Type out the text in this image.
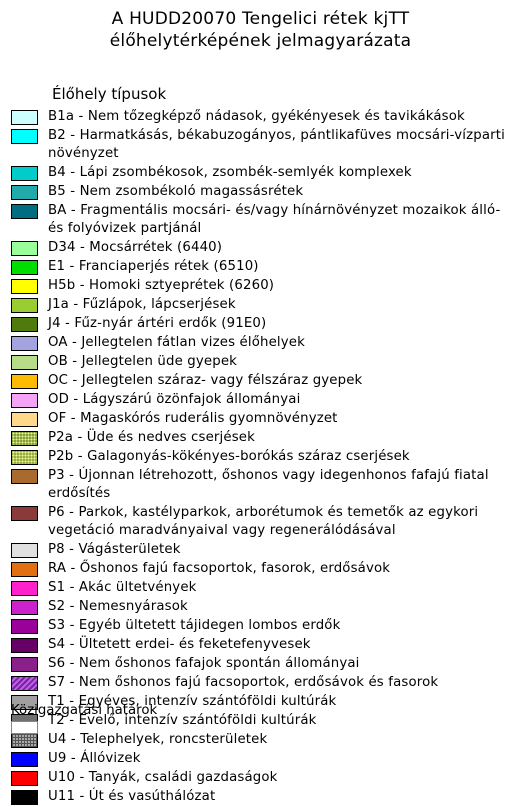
A HUDD20070 Tengelici rétek kjTT
élőhelytérképének jelmagyarázata
Élőhely típusok
B1a - Nem tőzegképző nádasok, gyékényesek és tavikákások
B2 - Harmatkásás, békabuzogányos, pántlikafüves mocsári-vízparti növényzet
B4 - Lápi zsombékosok, zsombék-semlyék komplexek
B5 - Nem zsombékoló magassásrétek
BA - Fragmentális mocsári- és/vagy hínárnövényzet mozaikok álló- és folyóvizek partjánál
D34 - Mocsárrétek (6440)
E1 - Franciaperjés rétek (6510)
H5b - Homoki sztyeprétek (6260)
J1a - Fűzlápok, lápcserjések
J4 - Fűz-nyár ártéri erdők (91E0)
OA - Jellegtelen fátlan vizes élőhelyek
OB - Jellegtelen üde gyepek
OC - Jellegtelen száraz- vagy félszáraz gyepek
OD - Lágyszárú özönfajok állományai
OF - Magaskórós ruderális gyomnövényzet
P2a - Üde és nedves cserjések
P2b - Galagonyás-kökényes-borókás száraz cserjések
P3 - Újonnan létrehozott, őshonos vagy idegenhonos fafajú fiatal erdősítés
P6 - Parkok, kastélyparkok, arborétumok és temetők az egykori vegetáció maradványaival vagy regenerálódásával
P8 - Vágásterületek
RA - Őshonos fajú facsoportok, fasorok, erdősávok
S1 - Akác ültetvények
S2 - Nemesnyárasok
S3 - Egyéb ültetett tájidegen lombos erdők
S4 - Ültetett erdei- és feketefenyvesek
S6 - Nem őshonos fafajok spontán állományai
S7 - Nem őshonos fajú facsoportok, erdősávok és fasorok
T1 - Egyéves, intenzív szántóföldi kultúrák
T2 - Évelő, intenzív szántóföldi kultúrák
U4 - Telephelyek, roncsterületek
U9 - Állóvizek
U10 - Tanyák, családi gazdaságok
U11 - Út és vasúthálózat
Közigazgatási határok
